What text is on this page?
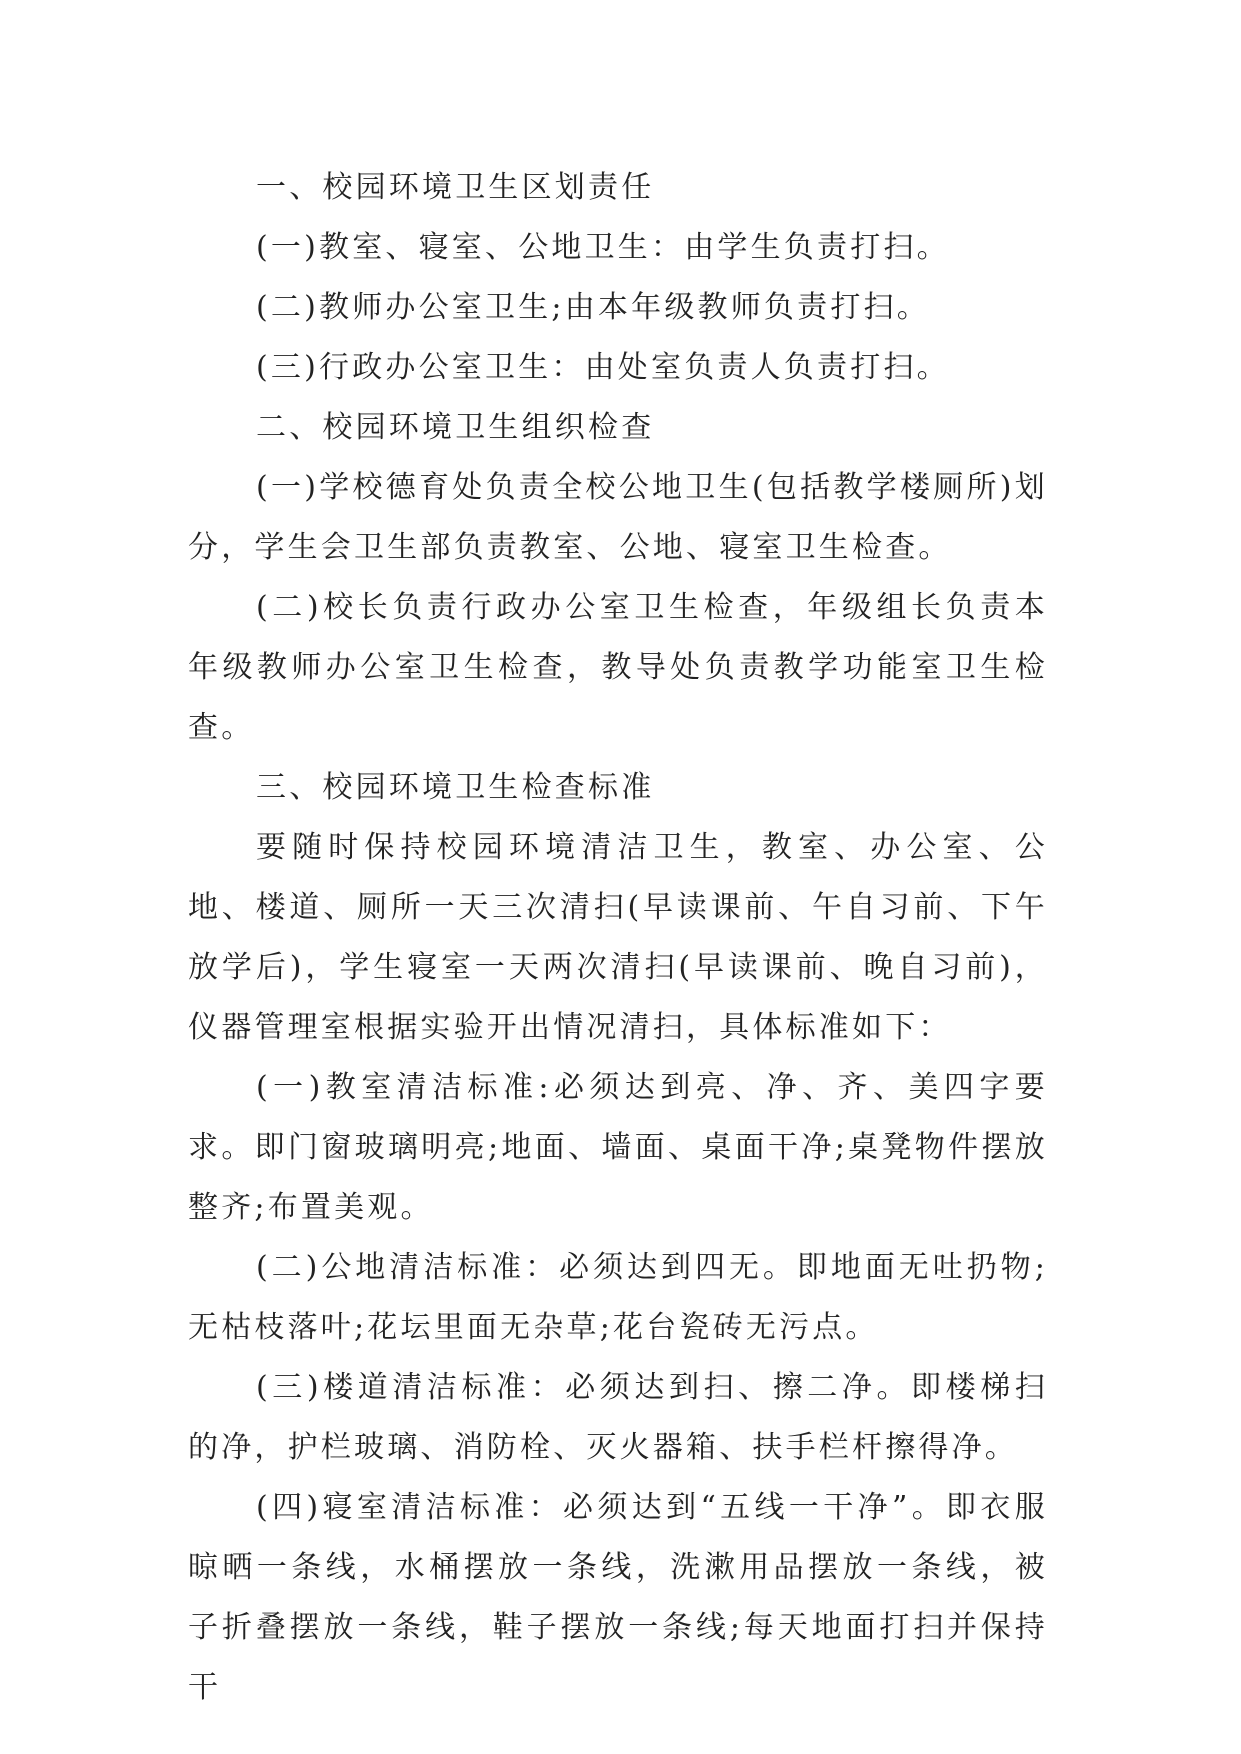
一、校园环境卫生区划责任

(一)教室、寝室、公地卫生：由学生负责打扫。

(二)教师办公室卫生;由本年级教师负责打扫。

(三)行政办公室卫生：由处室负责人负责打扫。

二、校园环境卫生组织检查

(一)学校德育处负责全校公地卫生(包括教学楼厕所)划分，学生会卫生部负责教室、公地、寝室卫生检查。

(二)校长负责行政办公室卫生检查，年级组长负责本年级教师办公室卫生检查，教导处负责教学功能室卫生检查。

三、校园环境卫生检查标准

要随时保持校园环境清洁卫生，教室、办公室、公地、楼道、厕所一天三次清扫(早读课前、午自习前、下午放学后)，学生寝室一天两次清扫(早读课前、晚自习前)，仪器管理室根据实验开出情况清扫，具体标准如下：

(一)教室清洁标准:必须达到亮、净、齐、美四字要求。即门窗玻璃明亮;地面、墙面、桌面干净;桌凳物件摆放整齐;布置美观。

(二)公地清洁标准：必须达到四无。即地面无吐扔物;无枯枝落叶;花坛里面无杂草;花台瓷砖无污点。

(三)楼道清洁标准：必须达到扫、擦二净。即楼梯扫的净，护栏玻璃、消防栓、灭火器箱、扶手栏杆擦得净。

(四)寝室清洁标准：必须达到“五线一干净”。即衣服晾晒一条线，水桶摆放一条线，洗漱用品摆放一条线，被子折叠摆放一条线，鞋子摆放一条线;每天地面打扫并保持干
